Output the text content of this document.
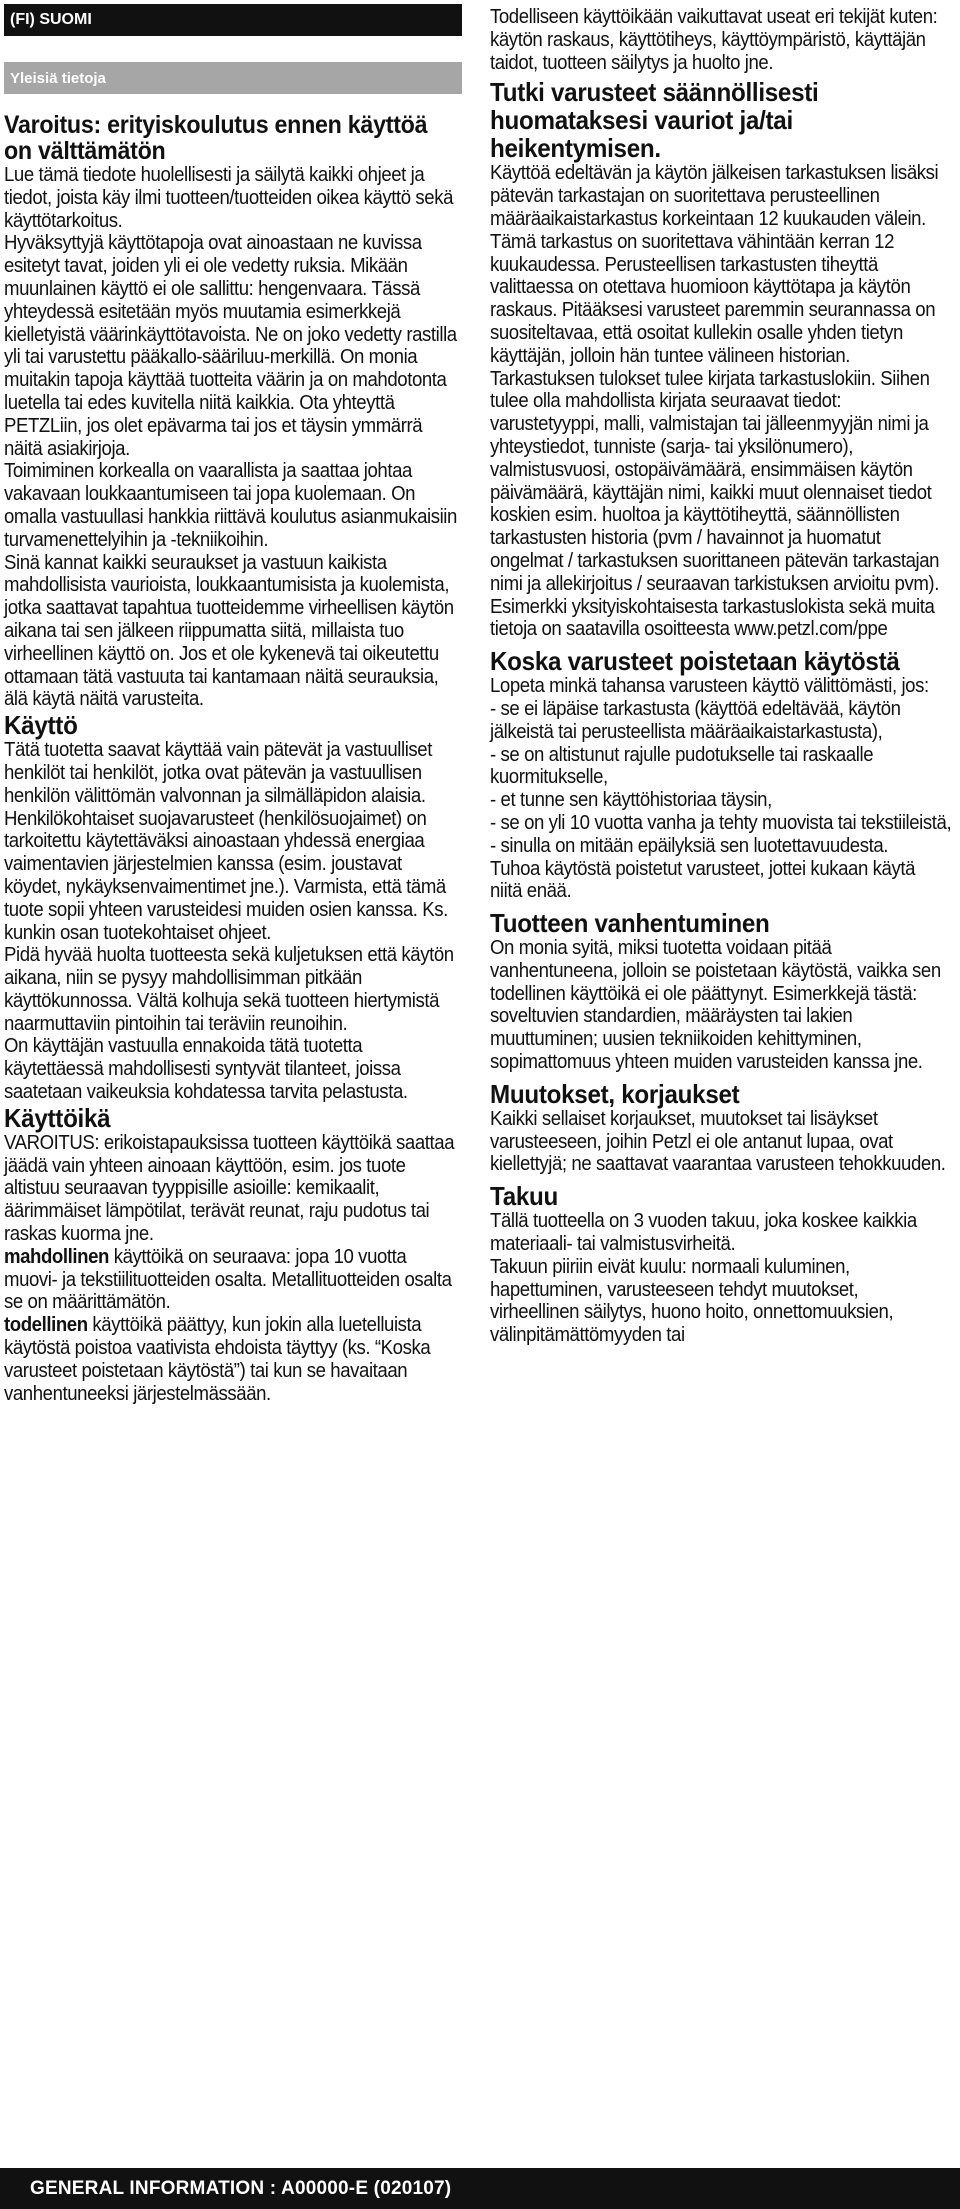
(FI) SUOMI
Yleisiä tietoja
Varoitus: erityiskoulutus ennen käyttöä on välttämätön

Lue tämä tiedote huolellisesti ja säilytä kaikki ohjeet ja tiedot, joista käy ilmi tuotteen/tuotteiden oikea käyttö sekä käyttötarkoitus.

Hyväksyttyjä käyttötapoja ovat ainoastaan ne kuvissa esitetyt tavat, joiden yli ei ole vedetty ruksia. Mikään muunlainen käyttö ei ole sallittu: hengenvaara. Tässä yhteydessä esitetään myös muutamia esimerkkejä kielletyistä väärinkäyttötavoista. Ne on joko vedetty rastilla yli tai varustettu pääkallo-sääriluu-merkillä. On monia muitakin tapoja käyttää tuotteita väärin ja on mahdotonta luetella tai edes kuvitella niitä kaikkia. Ota yhteyttä PETZLiin, jos olet epävarma tai jos et täysin ymmärrä näitä asiakirjoja.

Toimiminen korkealla on vaarallista ja saattaa johtaa vakavaan loukkaantumiseen tai jopa kuolemaan. On omalla vastuullasi hankkia riittävä koulutus asianmukaisiin turvamenettelyihin ja -tekniikoihin.

Sinä kannat kaikki seuraukset ja vastuun kaikista mahdollisista vaurioista, loukkaantumisista ja kuolemista, jotka saattavat tapahtua tuotteidemme virheellisen käytön aikana tai sen jälkeen riippumatta siitä, millaista tuo virheellinen käyttö on. Jos et ole kykenevä tai oikeutettu ottamaan tätä vastuuta tai kantamaan näitä seurauksia, älä käytä näitä varusteita.

Käyttö

Tätä tuotetta saavat käyttää vain pätevät ja vastuulliset henkilöt tai henkilöt, jotka ovat pätevän ja vastuullisen henkilön välittömän valvonnan ja silmälläpidon alaisia.

Henkilökohtaiset suojavarusteet (henkilösuojaimet) on tarkoitettu käytettäväksi ainoastaan yhdessä energiaa vaimentavien järjestelmien kanssa (esim. joustavat köydet, nykäyksenvaimentimet jne.). Varmista, että tämä tuote sopii yhteen varusteidesi muiden osien kanssa. Ks. kunkin osan tuotekohtaiset ohjeet.

Pidä hyvää huolta tuotteesta sekä kuljetuksen että käytön aikana, niin se pysyy mahdollisimman pitkään käyttökunnossa. Vältä kolhuja sekä tuotteen hiertymistä naarmuttaviin pintoihin tai teräviin reunoihin.

On käyttäjän vastuulla ennakoida tätä tuotetta käytettäessä mahdollisesti syntyvät tilanteet, joissa saatetaan vaikeuksia kohdatessa tarvita pelastusta.

Käyttöikä

VAROITUS: erikoistapauksissa tuotteen käyttöikä saattaa jäädä vain yhteen ainoaan käyttöön, esim. jos tuote altistuu seuraavan tyyppisille asioille: kemikaalit, äärimmäiset lämpötilat, terävät reunat, raju pudotus tai raskas kuorma jne.

mahdollinen käyttöikä on seuraava: jopa 10 vuotta muovi- ja tekstiilituotteiden osalta. Metallituotteiden osalta se on määrittämätön.

todellinen käyttöikä päättyy, kun jokin alla luetelluista käytöstä poistoa vaativista ehdoista täyttyy (ks. “Koska varusteet poistetaan käytöstä”) tai kun se havaitaan vanhentuneeksi järjestelmässään.

Todelliseen käyttöikään vaikuttavat useat eri tekijät kuten: käytön raskaus, käyttötiheys, käyttöympäristö, käyttäjän taidot, tuotteen säilytys ja huolto jne.

Tutki varusteet säännöllisesti huomataksesi vauriot ja/tai heikentymisen.

Käyttöä edeltävän ja käytön jälkeisen tarkastuksen lisäksi pätevän tarkastajan on suoritettava perusteellinen määräaikaistarkastus korkeintaan 12 kuukauden välein. Tämä tarkastus on suoritettava vähintään kerran 12 kuukaudessa. Perusteellisen tarkastusten tiheyttä valittaessa on otettava huomioon käyttötapa ja käytön raskaus. Pitääksesi varusteet paremmin seurannassa on suositeltavaa, että osoitat kullekin osalle yhden tietyn käyttäjän, jolloin hän tuntee välineen historian. Tarkastuksen tulokset tulee kirjata tarkastuslokiin. Siihen tulee olla mahdollista kirjata seuraavat tiedot: varustetyyppi, malli, valmistajan tai jälleenmyyjän nimi ja yhteystiedot, tunniste (sarja- tai yksilönumero), valmistusvuosi, ostopäivämäärä, ensimmäisen käytön päivämäärä, käyttäjän nimi, kaikki muut olennaiset tiedot koskien esim. huoltoa ja käyttötiheyttä, säännöllisten tarkastusten historia (pvm / havainnot ja huomatut ongelmat / tarkastuksen suorittaneen pätevän tarkastajan nimi ja allekirjoitus / seuraavan tarkistuksen arvioitu pvm). Esimerkki yksityiskohtaisesta tarkastuslokista sekä muita tietoja on saatavilla osoitteesta www.petzl.com/ppe

Koska varusteet poistetaan käytöstä

Lopeta minkä tahansa varusteen käyttö välittömästi, jos:

- se ei läpäise tarkastusta (käyttöä edeltävää, käytön jälkeistä tai perusteellista määräaikaistarkastusta),

- se on altistunut rajulle pudotukselle tai raskaalle kuormitukselle,

- et tunne sen käyttöhistoriaa täysin,

- se on yli 10 vuotta vanha ja tehty muovista tai tekstiileistä,

- sinulla on mitään epäilyksiä sen luotettavuudesta.

Tuhoa käytöstä poistetut varusteet, jottei kukaan käytä niitä enää.

Tuotteen vanhentuminen

On monia syitä, miksi tuotetta voidaan pitää vanhentuneena, jolloin se poistetaan käytöstä, vaikka sen todellinen käyttöikä ei ole päättynyt. Esimerkkejä tästä: soveltuvien standardien, määräysten tai lakien muuttuminen; uusien tekniikoiden kehittyminen, sopimattomuus yhteen muiden varusteiden kanssa jne.

Muutokset, korjaukset

Kaikki sellaiset korjaukset, muutokset tai lisäykset varusteeseen, joihin Petzl ei ole antanut lupaa, ovat kiellettyjä; ne saattavat vaarantaa varusteen tehokkuuden.

Takuu

Tällä tuotteella on 3 vuoden takuu, joka koskee kaikkia materiaali- tai valmistusvirheitä.

Takuun piiriin eivät kuulu: normaali kuluminen, hapettuminen, varusteeseen tehdyt muutokset, virheellinen säilytys, huono hoito, onnettomuuksien, välinpitämättömyyden tai

GENERAL INFORMATION : A00000-E (020107)
